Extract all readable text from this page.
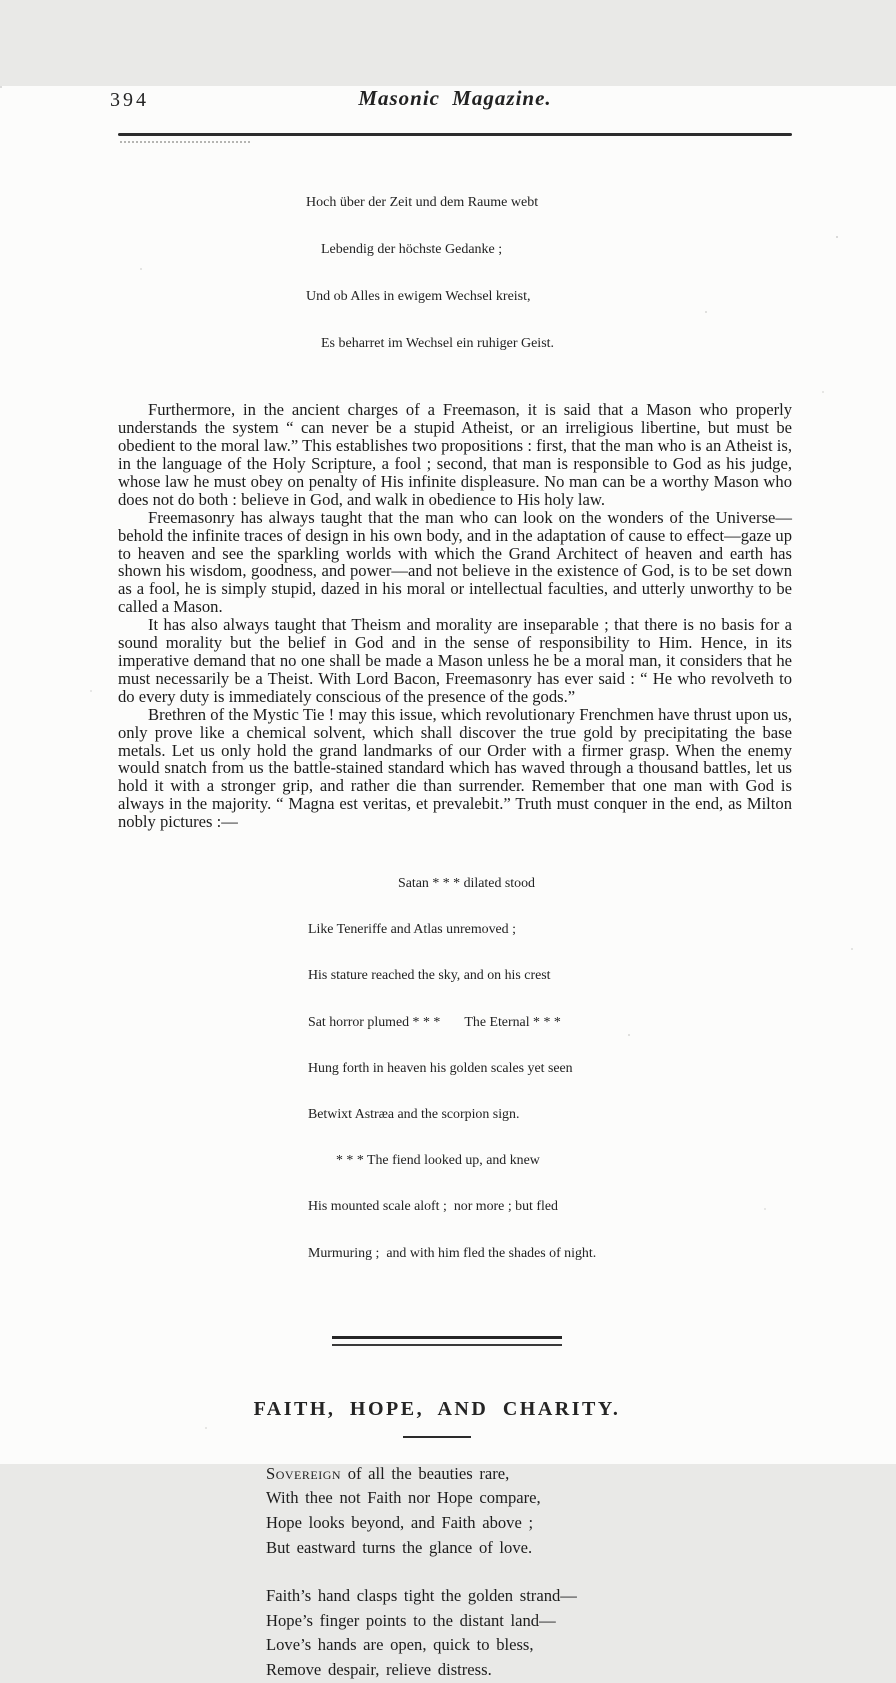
394	Masonic Magazine.

Hoch über der Zeit und dem Raume webt

Lebendig der höchste Gedanke ;

Und ob Alles in ewigem Wechsel kreist,

Es beharret im Wechsel ein ruhiger Geist.

Furthermore, in the ancient charges of a Freemason, it is said that a Mason who properly understands the system “ can never be a stupid Atheist, or an irreligious libertine, but must be obedient to the moral law.” This establishes two propositions : first, that the man who is an Atheist is, in the language of the Holy Scripture, a fool ; second, that man is responsible to God as his judge, whose law he must obey on penalty of His infinite displeasure. No man can be a worthy Mason who does not do both : believe in God, and walk in obedience to His holy law.

Freemasonry has always taught that the man who can look on the wonders of the Universe—behold the infinite traces of design in his own body, and in the adaptation of cause to effect—gaze up to heaven and see the sparkling worlds with which the Grand Architect of heaven and earth has shown his wisdom, goodness, and power—and not believe in the existence of God, is to be set down as a fool, he is simply stupid, dazed in his moral or intellectual faculties, and utterly unworthy to be called a Mason.

It has also always taught that Theism and morality are inseparable ; that there is no basis for a sound morality but the belief in God and in the sense of responsibility to Him. Hence, in its imperative demand that no one shall be made a Mason unless he be a moral man, it considers that he must necessarily be a Theist. With Lord Bacon, Freemasonry has ever said : “ He who revolveth to do every duty is immediately conscious of the presence of the gods.”

Brethren of the Mystic Tie ! may this issue, which revolutionary Frenchmen have thrust upon us, only prove like a chemical solvent, which shall discover the true gold by precipitating the base metals. Let us only hold the grand landmarks of our Order with a firmer grasp. When the enemy would snatch from us the battle-stained standard which has waved through a thousand battles, let us hold it with a stronger grip, and rather die than surrender. Remember that one man with God is always in the majority. “ Magna est veritas, et prevalebit.” Truth must conquer in the end, as Milton nobly pictures :—

Satan * * * dilated stood

Like Teneriffe and Atlas unremoved ;

His stature reached the sky, and on his crest

Sat horror plumed * * *       The Eternal * * *

Hung forth in heaven his golden scales yet seen

Betwixt Astræa and the scorpion sign.

* * * The fiend looked up, and knew

His mounted scale aloft ;  nor more ; but fled

Murmuring ;  and with him fled the shades of night.

FAITH, HOPE, AND CHARITY.
Sovereign of all the beauties rare,
With thee not Faith nor Hope compare,
Hope looks beyond, and Faith above ;
But eastward turns the glance of love.
Faith’s hand clasps tight the golden strand—
Hope’s finger points to the distant land—
Love’s hands are open, quick to bless,
Remove despair, relieve distress.
